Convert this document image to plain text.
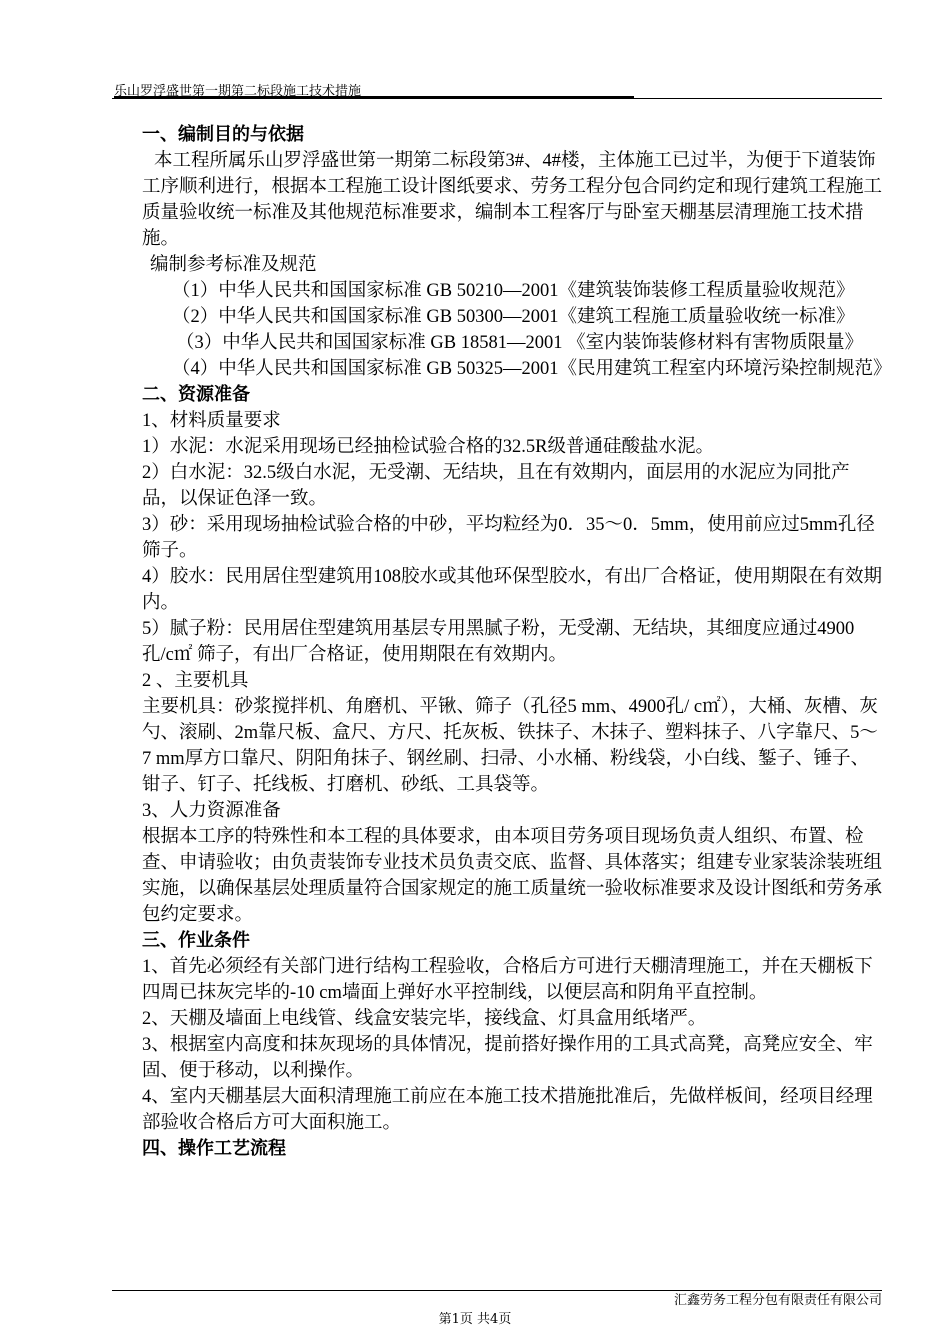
乐山罗浮盛世第一期第二标段施工技术措施

一、编制目的与依据

本工程所属乐山罗浮盛世第一期第二标段第3#、4#楼，主体施工已过半，为便于下道装饰工序顺利进行，根据本工程施工设计图纸要求、劳务工程分包合同约定和现行建筑工程施工质量验收统一标准及其他规范标准要求，编制本工程客厅与卧室天棚基层清理施工技术措施。

编制参考标准及规范

（1）中华人民共和国国家标准 GB 50210—2001《建筑装饰装修工程质量验收规范》

（2）中华人民共和国国家标准 GB 50300—2001《建筑工程施工质量验收统一标准》

（3）中华人民共和国国家标准 GB 18581—2001 《室内装饰装修材料有害物质限量》

（4）中华人民共和国国家标准 GB 50325—2001《民用建筑工程室内环境污染控制规范》

二、资源准备

1、材料质量要求

1）水泥：水泥采用现场已经抽检试验合格的32.5R级普通硅酸盐水泥。

2）白水泥：32.5级白水泥，无受潮、无结块，且在有效期内，面层用的水泥应为同批产品，以保证色泽一致。

3）砂：采用现场抽检试验合格的中砂，平均粒经为0．35～0．5mm，使用前应过5mm孔径筛子。

4）胶水：民用居住型建筑用108胶水或其他环保型胶水，有出厂合格证，使用期限在有效期内。

5）腻子粉：民用居住型建筑用基层专用黑腻子粉，无受潮、无结块，其细度应通过4900孔/c㎡ 筛子，有出厂合格证，使用期限在有效期内。

2 、主要机具

主要机具：砂浆搅拌机、角磨机、平锹、筛子（孔径5 mm、4900孔/ c㎡），大桶、灰槽、灰勺、滚刷、2m靠尺板、盒尺、方尺、托灰板、铁抹子、木抹子、塑料抹子、八字靠尺、5～7 mm厚方口靠尺、阴阳角抹子、钢丝刷、扫帚、小水桶、粉线袋，小白线、錾子、锤子、钳子、钉子、托线板、打磨机、砂纸、工具袋等。

3、人力资源准备

根据本工序的特殊性和本工程的具体要求，由本项目劳务项目现场负责人组织、布置、检查、申请验收；由负责装饰专业技术员负责交底、监督、具体落实；组建专业家装涂装班组实施，以确保基层处理质量符合国家规定的施工质量统一验收标准要求及设计图纸和劳务承包约定要求。

三、作业条件

1、首先必须经有关部门进行结构工程验收，合格后方可进行天棚清理施工，并在天棚板下四周已抹灰完毕的-10 cm墙面上弹好水平控制线，以便层高和阴角平直控制。

2、天棚及墙面上电线管、线盒安装完毕，接线盒、灯具盒用纸堵严。

3、根据室内高度和抹灰现场的具体情况，提前搭好操作用的工具式高凳，高凳应安全、牢固、便于移动，以利操作。

4、室内天棚基层大面积清理施工前应在本施工技术措施批准后，先做样板间，经项目经理部验收合格后方可大面积施工。

四、操作工艺流程

汇鑫劳务工程分包有限责任有限公司
第1页 共4页
